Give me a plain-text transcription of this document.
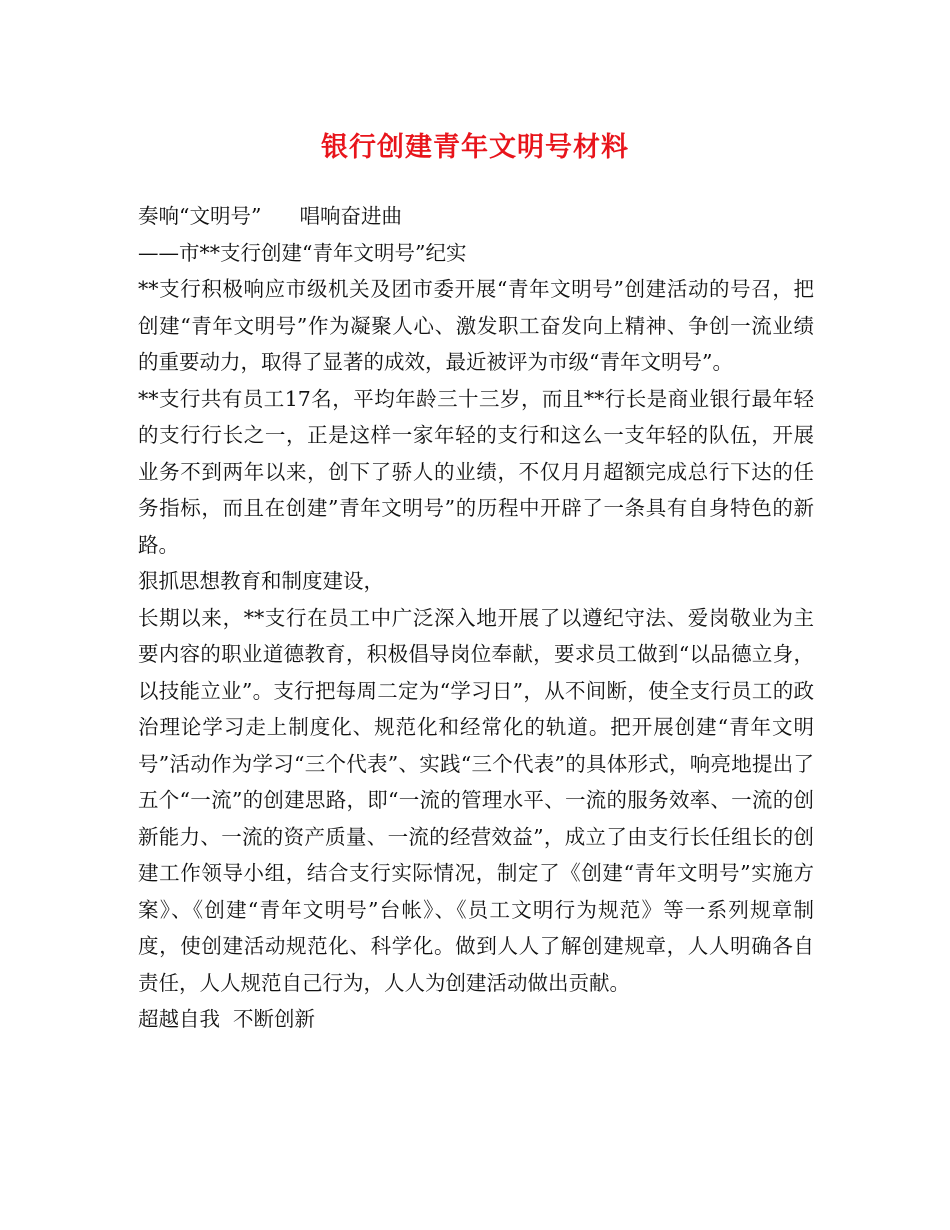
银行创建青年文明号材料

奏响“文明号” 唱响奋进曲

——市**支行创建“青年文明号”纪实

**支行积极响应市级机关及团市委开展“青年文明号”创建活动的号召，把创建“青年文明号”作为凝聚人心、激发职工奋发向上精神、争创一流业绩的重要动力，取得了显著的成效，最近被评为市级“青年文明号”。

**支行共有员工17名，平均年龄三十三岁，而且**行长是商业银行最年轻的支行行长之一，正是这样一家年轻的支行和这么一支年轻的队伍，开展业务不到两年以来，创下了骄人的业绩，不仅月月超额完成总行下达的任务指标，而且在创建”青年文明号”的历程中开辟了一条具有自身特色的新路。

狠抓思想教育和制度建设，

长期以来，**支行在员工中广泛深入地开展了以遵纪守法、爱岗敬业为主要内容的职业道德教育，积极倡导岗位奉献，要求员工做到“以品德立身，以技能立业”。支行把每周二定为“学习日”，从不间断，使全支行员工的政治理论学习走上制度化、规范化和经常化的轨道。把开展创建“青年文明号”活动作为学习“三个代表”、实践“三个代表”的具体形式，响亮地提出了五个“一流”的创建思路，即“一流的管理水平、一流的服务效率、一流的创新能力、一流的资产质量、一流的经营效益”，成立了由支行长任组长的创建工作领导小组，结合支行实际情况，制定了《创建“青年文明号”实施方案》、《创建“青年文明号”台帐》、《员工文明行为规范》等一系列规章制度，使创建活动规范化、科学化。做到人人了解创建规章，人人明确各自责任，人人规范自己行为，人人为创建活动做出贡献。

超越自我  不断创新
